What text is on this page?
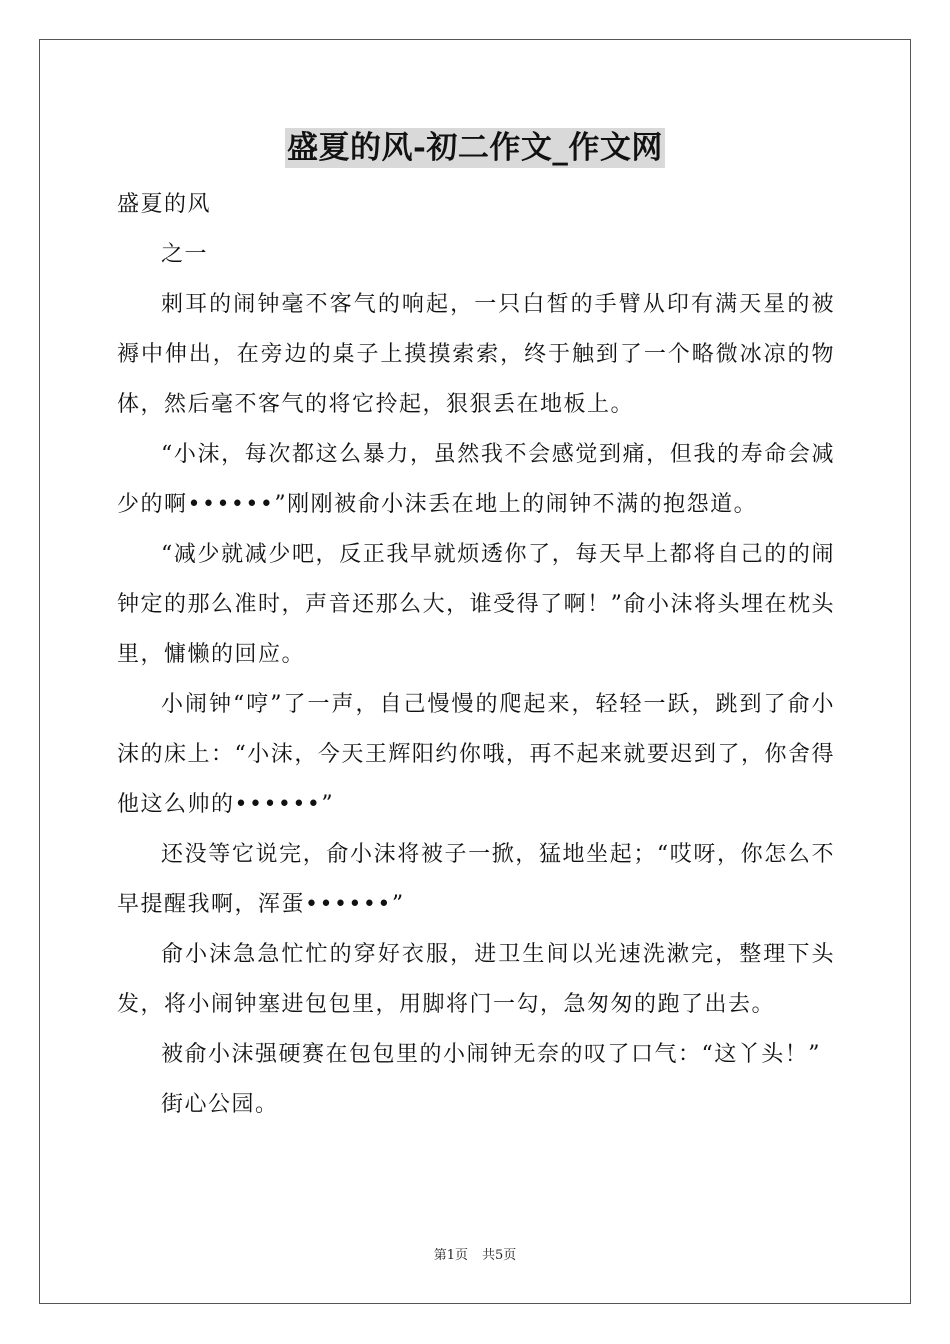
盛夏的风-初二作文_作文网

盛夏的风

之一

刺耳的闹钟毫不客气的响起，一只白皙的手臂从印有满天星的被褥中伸出，在旁边的桌子上摸摸索索，终于触到了一个略微冰凉的物体，然后毫不客气的将它拎起，狠狠丢在地板上。

“小沫，每次都这么暴力，虽然我不会感觉到痛，但我的寿命会减少的啊••••••”刚刚被俞小沫丢在地上的闹钟不满的抱怨道。

“减少就减少吧，反正我早就烦透你了，每天早上都将自己的的闹钟定的那么准时，声音还那么大，谁受得了啊！”俞小沫将头埋在枕头里，慵懒的回应。

小闹钟“哼”了一声，自己慢慢的爬起来，轻轻一跃，跳到了俞小沫的床上：“小沫，今天王辉阳约你哦，再不起来就要迟到了，你舍得他这么帅的••••••”

还没等它说完，俞小沫将被子一掀，猛地坐起；“哎呀，你怎么不早提醒我啊，浑蛋••••••”

俞小沫急急忙忙的穿好衣服，进卫生间以光速洗漱完，整理下头发，将小闹钟塞进包包里，用脚将门一勾，急匆匆的跑了出去。

被俞小沫强硬赛在包包里的小闹钟无奈的叹了口气：“这丫头！”

街心公园。

第1页 共5页
